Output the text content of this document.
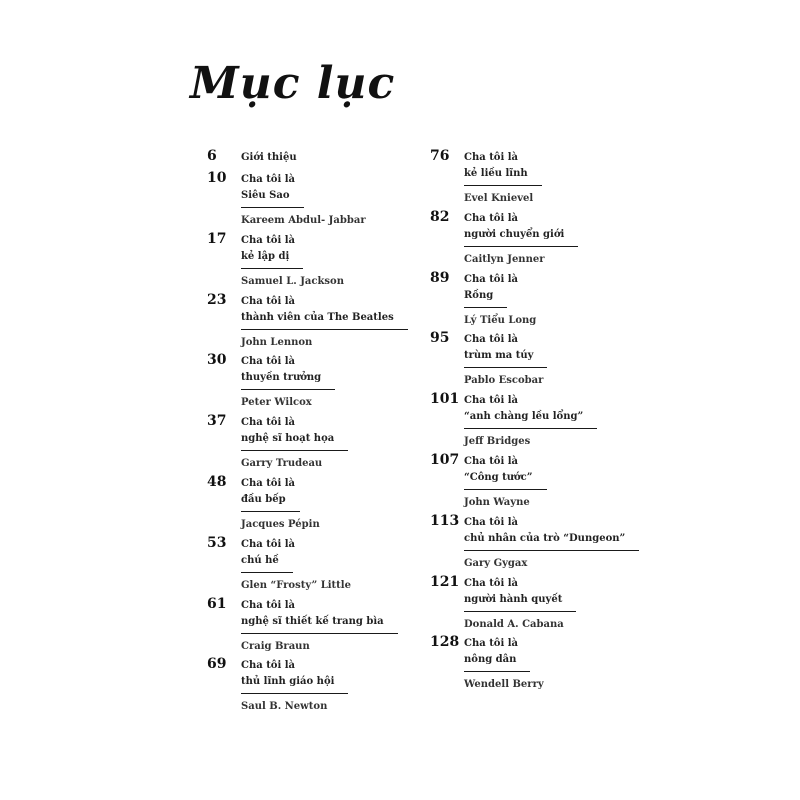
Mục lục
6 Giới thiệu
10 Cha tôi là
Siêu Sao
Kareem Abdul- Jabbar
17 Cha tôi là
kẻ lập dị
Samuel L. Jackson
23 Cha tôi là
thành viên của The Beatles
John Lennon
30 Cha tôi là
thuyền trưởng
Peter Wilcox
37 Cha tôi là
nghệ sĩ hoạt họa
Garry Trudeau
48 Cha tôi là
đầu bếp
Jacques Pépin
53 Cha tôi là
chú hề
Glen “Frosty” Little
61 Cha tôi là
nghệ sĩ thiết kế trang bìa
Craig Braun
69 Cha tôi là
thủ lĩnh giáo hội
Saul B. Newton
76 Cha tôi là
kẻ liều lĩnh
Evel Knievel
82 Cha tôi là
người chuyển giới
Caitlyn Jenner
89 Cha tôi là
Rồng
Lý Tiểu Long
95 Cha tôi là
trùm ma túy
Pablo Escobar
101 Cha tôi là
“anh chàng lều lổng”
Jeff Bridges
107 Cha tôi là
“Công tước”
John Wayne
113 Cha tôi là
chủ nhân của trò “Dungeon”
Gary Gygax
121 Cha tôi là
người hành quyết
Donald A. Cabana
128 Cha tôi là
nông dân
Wendell Berry
